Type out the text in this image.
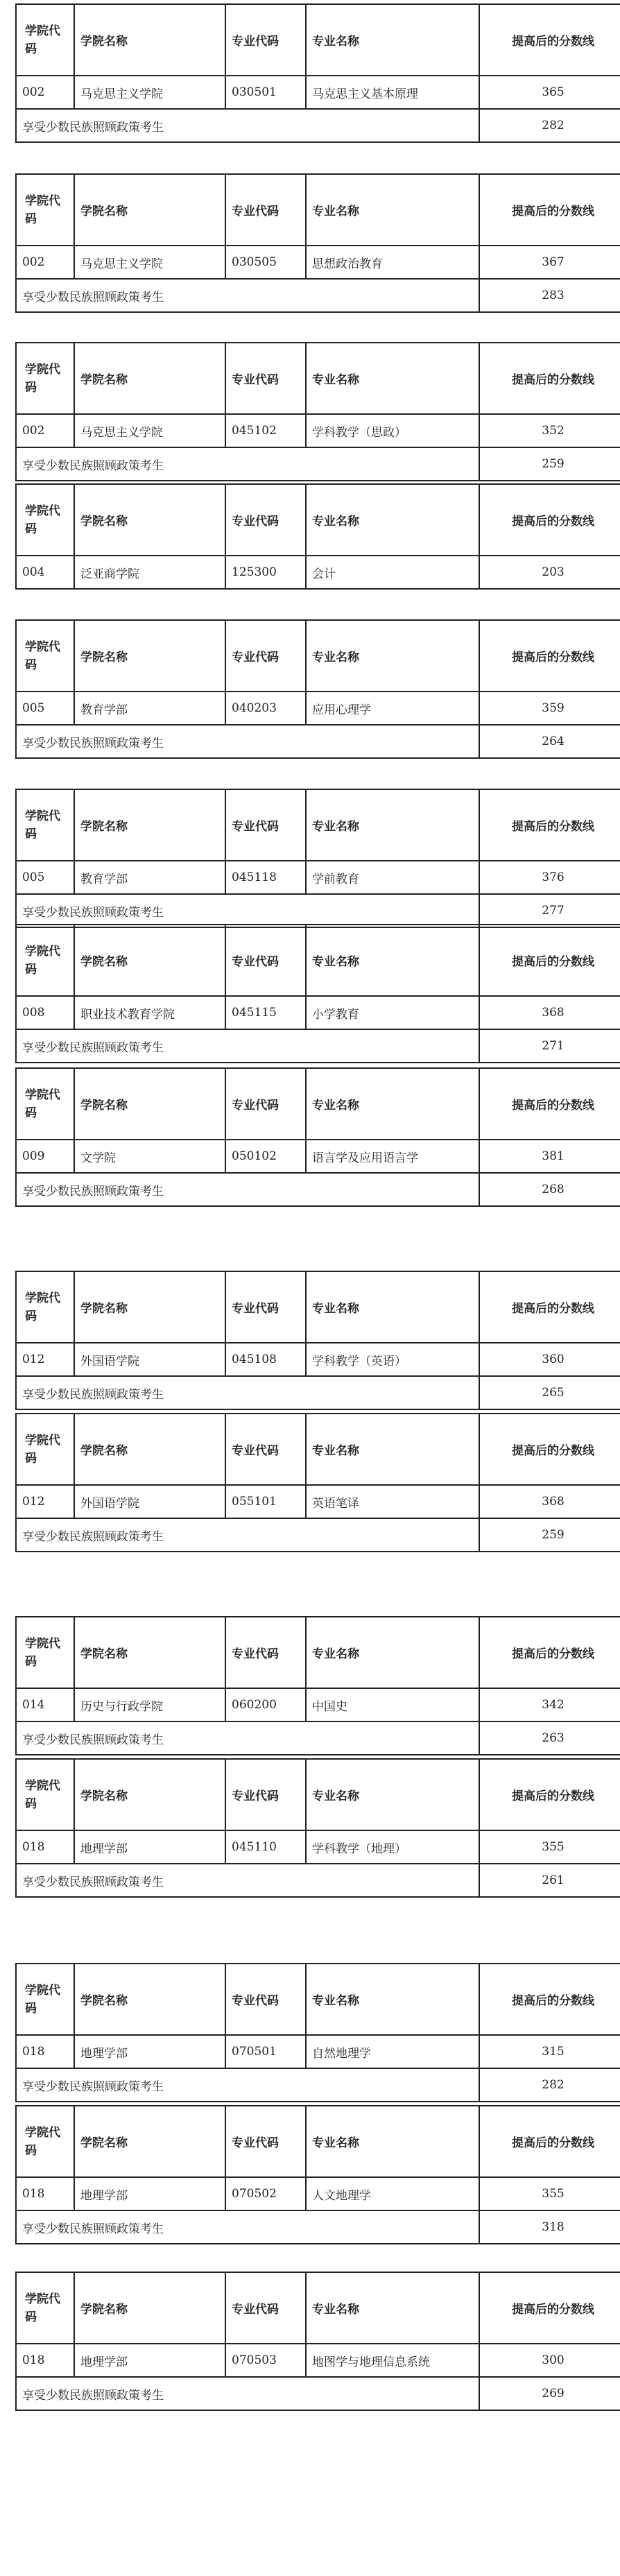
学院代码	学院名称	专业代码	专业名称	提高后的分数线
002	马克思主义学院	030501	马克思主义基本原理	365
享受少数民族照顾政策考生				282
学院代码	学院名称	专业代码	专业名称	提高后的分数线
002	马克思主义学院	030505	思想政治教育	367
享受少数民族照顾政策考生				283
学院代码	学院名称	专业代码	专业名称	提高后的分数线
002	马克思主义学院	045102	学科教学（思政）	352
享受少数民族照顾政策考生				259
学院代码	学院名称	专业代码	专业名称	提高后的分数线
004	泛亚商学院	125300	会计	203
学院代码	学院名称	专业代码	专业名称	提高后的分数线
005	教育学部	040203	应用心理学	359
享受少数民族照顾政策考生				264
学院代码	学院名称	专业代码	专业名称	提高后的分数线
005	教育学部	045118	学前教育	376
享受少数民族照顾政策考生				277
学院代码	学院名称	专业代码	专业名称	提高后的分数线
008	职业技术教育学院	045115	小学教育	368
享受少数民族照顾政策考生				271
学院代码	学院名称	专业代码	专业名称	提高后的分数线
009	文学院	050102	语言学及应用语言学	381
享受少数民族照顾政策考生				268
学院代码	学院名称	专业代码	专业名称	提高后的分数线
012	外国语学院	045108	学科教学（英语）	360
享受少数民族照顾政策考生				265
学院代码	学院名称	专业代码	专业名称	提高后的分数线
012	外国语学院	055101	英语笔译	368
享受少数民族照顾政策考生				259
学院代码	学院名称	专业代码	专业名称	提高后的分数线
014	历史与行政学院	060200	中国史	342
享受少数民族照顾政策考生				263
学院代码	学院名称	专业代码	专业名称	提高后的分数线
018	地理学部	045110	学科教学（地理）	355
享受少数民族照顾政策考生				261
学院代码	学院名称	专业代码	专业名称	提高后的分数线
018	地理学部	070501	自然地理学	315
享受少数民族照顾政策考生				282
学院代码	学院名称	专业代码	专业名称	提高后的分数线
018	地理学部	070502	人文地理学	355
享受少数民族照顾政策考生				318
学院代码	学院名称	专业代码	专业名称	提高后的分数线
018	地理学部	070503	地图学与地理信息系统	300
享受少数民族照顾政策考生				269
